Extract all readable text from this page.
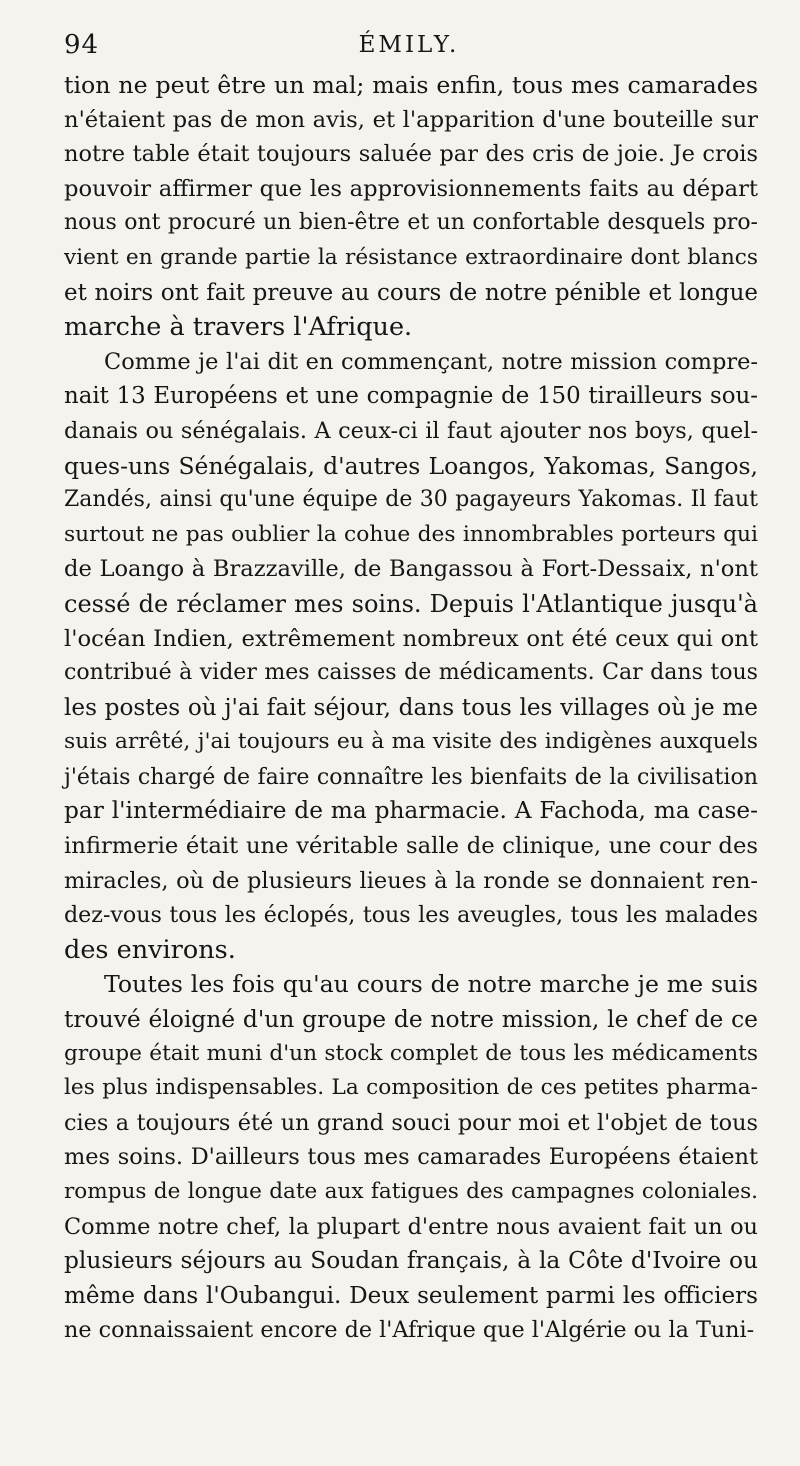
94	ÉMILY.
tion ne peut être un mal; mais enfin, tous mes camarades
n'étaient pas de mon avis, et l'apparition d'une bouteille sur
notre table était toujours saluée par des cris de joie. Je crois
pouvoir affirmer que les approvisionnements faits au départ
nous ont procuré un bien-être et un confortable desquels pro-
vient en grande partie la résistance extraordinaire dont blancs
et noirs ont fait preuve au cours de notre pénible et longue
marche à travers l'Afrique.
Comme je l'ai dit en commençant, notre mission compre-
nait 13 Européens et une compagnie de 150 tirailleurs sou-
danais ou sénégalais. A ceux-ci il faut ajouter nos boys, quel-
ques-uns Sénégalais, d'autres Loangos, Yakomas, Sangos,
Zandés, ainsi qu'une équipe de 30 pagayeurs Yakomas. Il faut
surtout ne pas oublier la cohue des innombrables porteurs qui
de Loango à Brazzaville, de Bangassou à Fort-Dessaix, n'ont
cessé de réclamer mes soins. Depuis l'Atlantique jusqu'à
l'océan Indien, extrêmement nombreux ont été ceux qui ont
contribué à vider mes caisses de médicaments. Car dans tous
les postes où j'ai fait séjour, dans tous les villages où je me
suis arrêté, j'ai toujours eu à ma visite des indigènes auxquels
j'étais chargé de faire connaître les bienfaits de la civilisation
par l'intermédiaire de ma pharmacie. A Fachoda, ma case-
infirmerie était une véritable salle de clinique, une cour des
miracles, où de plusieurs lieues à la ronde se donnaient ren-
dez-vous tous les éclopés, tous les aveugles, tous les malades
des environs.
Toutes les fois qu'au cours de notre marche je me suis
trouvé éloigné d'un groupe de notre mission, le chef de ce
groupe était muni d'un stock complet de tous les médicaments
les plus indispensables. La composition de ces petites pharma-
cies a toujours été un grand souci pour moi et l'objet de tous
mes soins. D'ailleurs tous mes camarades Européens étaient
rompus de longue date aux fatigues des campagnes coloniales.
Comme notre chef, la plupart d'entre nous avaient fait un ou
plusieurs séjours au Soudan français, à la Côte d'Ivoire ou
même dans l'Oubangui. Deux seulement parmi les officiers
ne connaissaient encore de l'Afrique que l'Algérie ou la Tuni-
